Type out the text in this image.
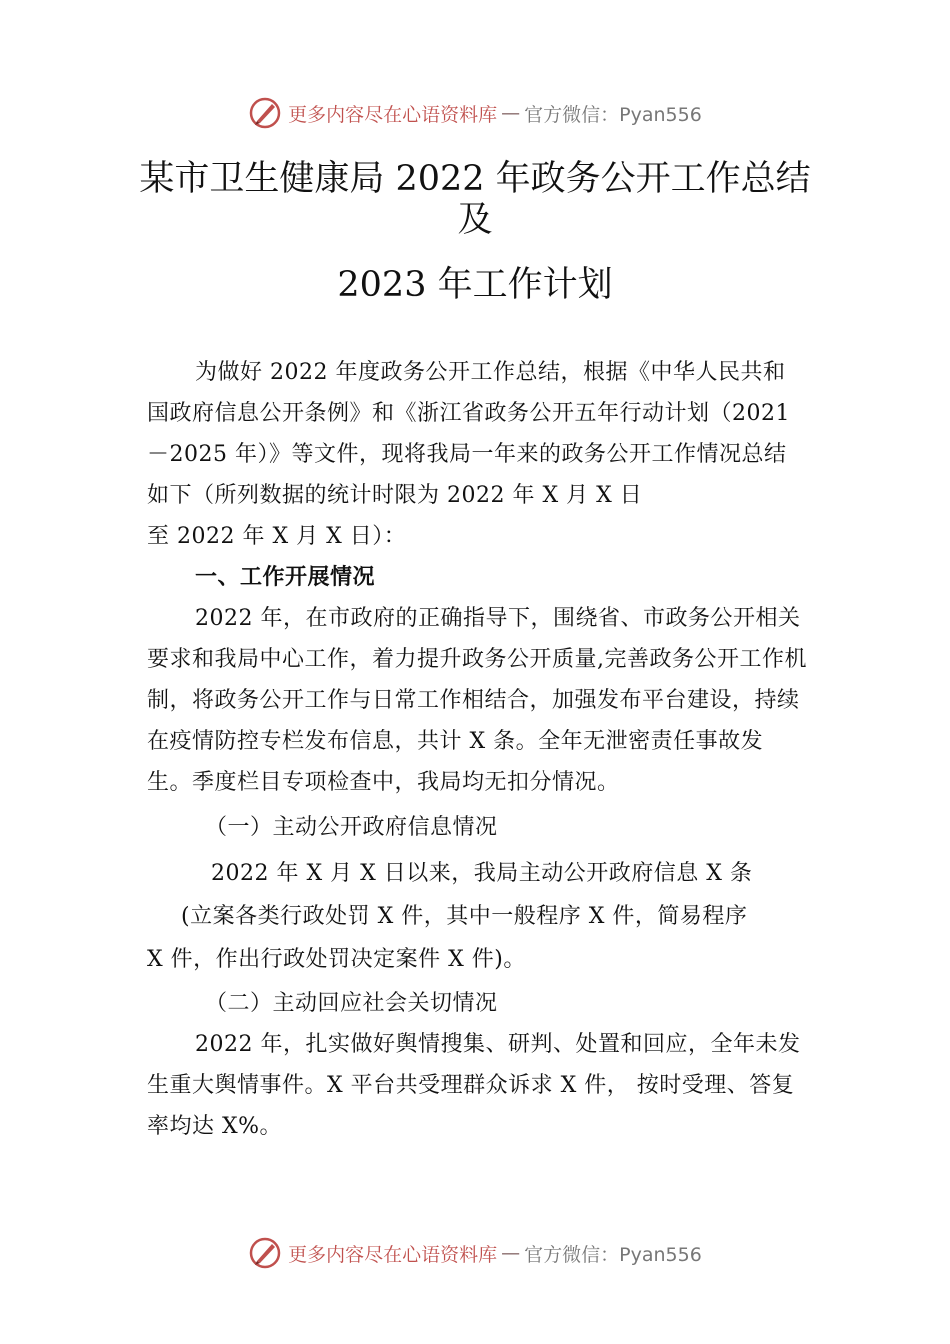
更多内容尽在心语资料库 — 官方微信：Pyan556
某市卫生健康局 2022 年政务公开工作总结
及
2023 年工作计划

为做好 2022 年度政务公开工作总结，根据《中华人民共和国政府信息公开条例》和《浙江省政务公开五年行动计划（2021－2025 年）》等文件，现将我局一年来的政务公开工作情况总结如下（所列数据的统计时限为 2022 年 X 月 X 日

至 2022 年 X 月 X 日）：

一、工作开展情况

2022 年，在市政府的正确指导下，围绕省、市政务公开相关要求和我局中心工作，着力提升政务公开质量,完善政务公开工作机制，将政务公开工作与日常工作相结合，加强发布平台建设，持续在疫情防控专栏发布信息，共计 X 条。全年无泄密责任事故发生。季度栏目专项检查中，我局均无扣分情况。

（一）主动公开政府信息情况

2022 年 X 月 X 日以来，我局主动公开政府信息 X 条

(立案各类行政处罚 X 件，其中一般程序 X 件，简易程序

X 件，作出行政处罚决定案件 X 件)。

（二）主动回应社会关切情况

2022 年，扎实做好舆情搜集、研判、处置和回应，全年未发生重大舆情事件。X 平台共受理群众诉求 X 件， 按时受理、答复率均达 X%。

更多内容尽在心语资料库 — 官方微信：Pyan556
